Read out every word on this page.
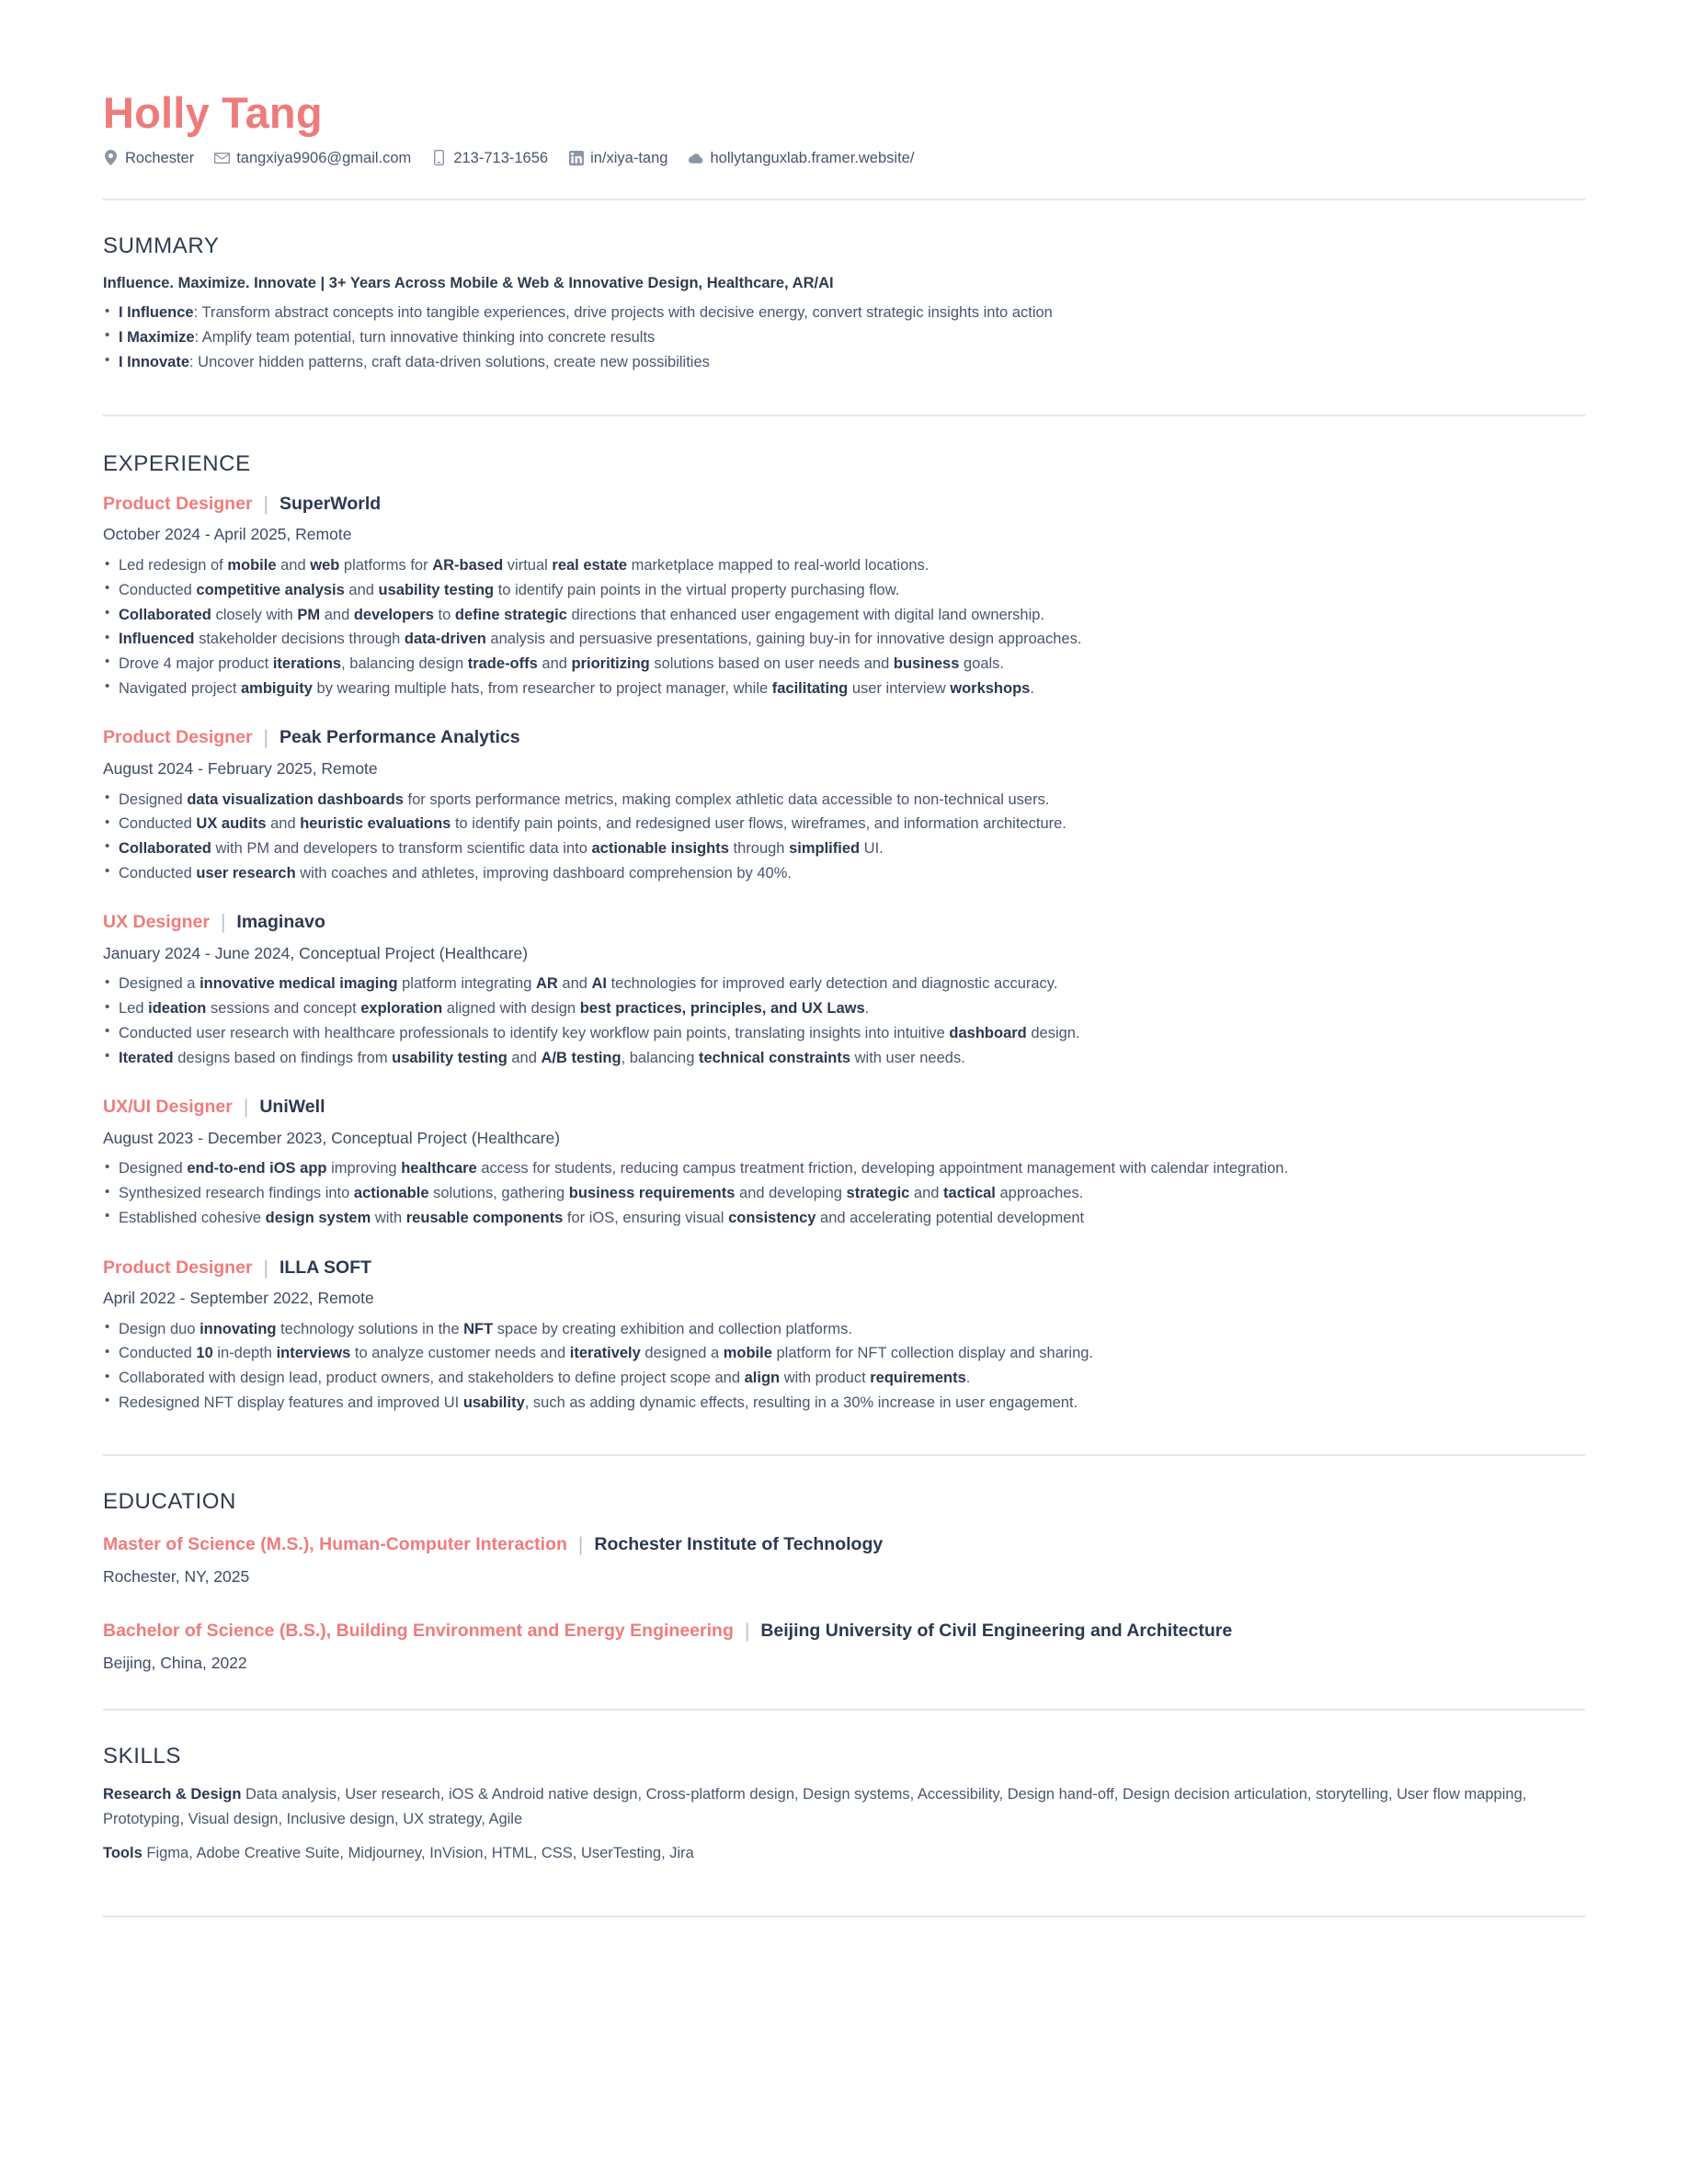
Holly Tang
Rochester	tangxiya9906@gmail.com	213-713-1656	in/xiya-tang	hollytanguxlab.framer.website/
SUMMARY
Influence. Maximize. Innovate | 3+ Years Across Mobile & Web & Innovative Design, Healthcare, AR/AI
• I Influence: Transform abstract concepts into tangible experiences, drive projects with decisive energy, convert strategic insights into action
• I Maximize: Amplify team potential, turn innovative thinking into concrete results
• I Innovate: Uncover hidden patterns, craft data-driven solutions, create new possibilities
EXPERIENCE
Product Designer | SuperWorld
October 2024 - April 2025, Remote
• Led redesign of mobile and web platforms for AR-based virtual real estate marketplace mapped to real-world locations.
• Conducted competitive analysis and usability testing to identify pain points in the virtual property purchasing flow.
• Collaborated closely with PM and developers to define strategic directions that enhanced user engagement with digital land ownership.
• Influenced stakeholder decisions through data-driven analysis and persuasive presentations, gaining buy-in for innovative design approaches.
• Drove 4 major product iterations, balancing design trade-offs and prioritizing solutions based on user needs and business goals.
• Navigated project ambiguity by wearing multiple hats, from researcher to project manager, while facilitating user interview workshops.
Product Designer | Peak Performance Analytics
August 2024 - February 2025, Remote
• Designed data visualization dashboards for sports performance metrics, making complex athletic data accessible to non-technical users.
• Conducted UX audits and heuristic evaluations to identify pain points, and redesigned user flows, wireframes, and information architecture.
• Collaborated with PM and developers to transform scientific data into actionable insights through simplified UI.
• Conducted user research with coaches and athletes, improving dashboard comprehension by 40%.
UX Designer | Imaginavo
January 2024 - June 2024, Conceptual Project (Healthcare)
• Designed a innovative medical imaging platform integrating AR and AI technologies for improved early detection and diagnostic accuracy.
• Led ideation sessions and concept exploration aligned with design best practices, principles, and UX Laws.
• Conducted user research with healthcare professionals to identify key workflow pain points, translating insights into intuitive dashboard design.
• Iterated designs based on findings from usability testing and A/B testing, balancing technical constraints with user needs.
UX/UI Designer | UniWell
August 2023 - December 2023, Conceptual Project (Healthcare)
• Designed end-to-end iOS app improving healthcare access for students, reducing campus treatment friction, developing appointment management with calendar integration.
• Synthesized research findings into actionable solutions, gathering business requirements and developing strategic and tactical approaches.
• Established cohesive design system with reusable components for iOS, ensuring visual consistency and accelerating potential development
Product Designer | ILLA SOFT
April 2022 - September 2022, Remote
• Design duo innovating technology solutions in the NFT space by creating exhibition and collection platforms.
• Conducted 10 in-depth interviews to analyze customer needs and iteratively designed a mobile platform for NFT collection display and sharing.
• Collaborated with design lead, product owners, and stakeholders to define project scope and align with product requirements.
• Redesigned NFT display features and improved UI usability, such as adding dynamic effects, resulting in a 30% increase in user engagement.
EDUCATION
Master of Science (M.S.), Human-Computer Interaction | Rochester Institute of Technology
Rochester, NY, 2025
Bachelor of Science (B.S.), Building Environment and Energy Engineering | Beijing University of Civil Engineering and Architecture
Beijing, China, 2022
SKILLS
Research & Design Data analysis, User research, iOS & Android native design, Cross-platform design, Design systems, Accessibility, Design hand-off, Design decision articulation, storytelling, User flow mapping, Prototyping, Visual design, Inclusive design, UX strategy, Agile
Tools Figma, Adobe Creative Suite, Midjourney, InVision, HTML, CSS, UserTesting, Jira
